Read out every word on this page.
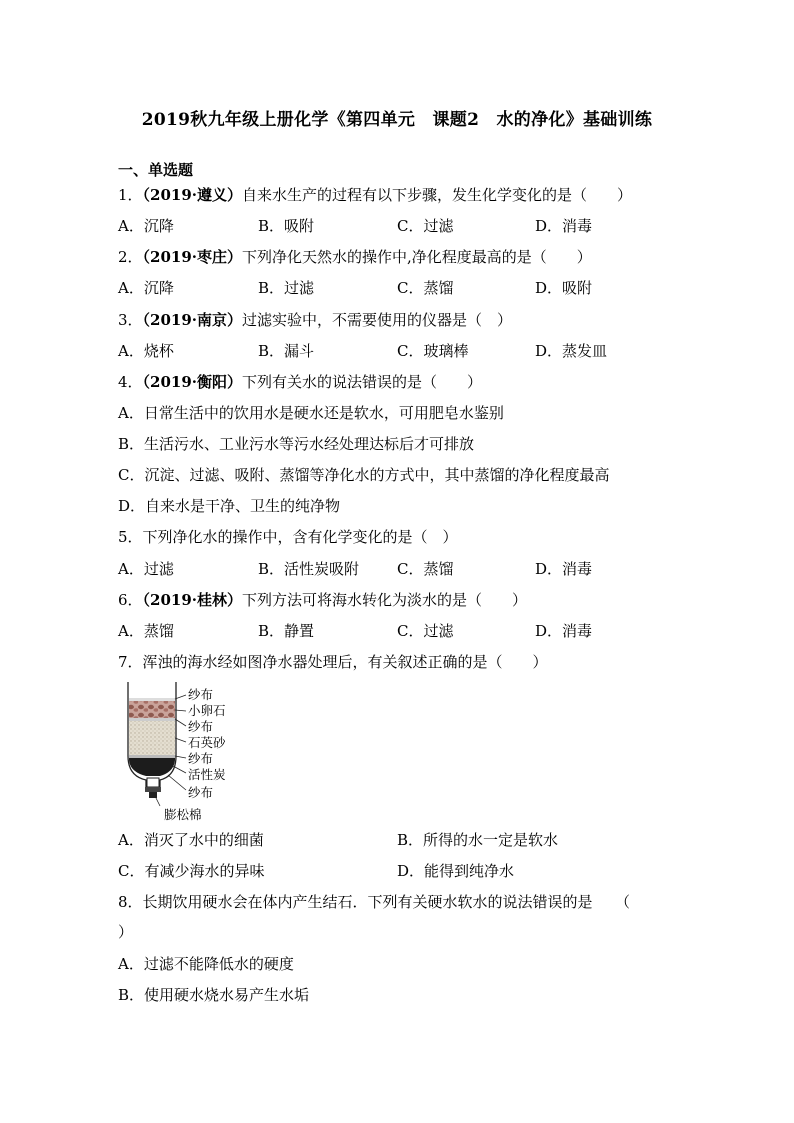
2019秋九年级上册化学《第四单元　课题2　水的净化》基础训练
一、单选题
1．（2019·遵义）自来水生产的过程有以下步骤，发生化学变化的是（　　）
A．沉降	B．吸附	C．过滤	D．消毒
2．（2019·枣庄）下列净化天然水的操作中,净化程度最高的是（　　）
A．沉降	B．过滤	C．蒸馏	D．吸附
3．（2019·南京）过滤实验中，不需要使用的仪器是（　）
A．烧杯	B．漏斗	C．玻璃棒	D．蒸发皿
4．（2019·衡阳）下列有关水的说法错误的是（　　）
A．日常生活中的饮用水是硬水还是软水，可用肥皂水鉴别
B．生活污水、工业污水等污水经处理达标后才可排放
C．沉淀、过滤、吸附、蒸馏等净化水的方式中，其中蒸馏的净化程度最高
D．自来水是干净、卫生的纯净物
5．下列净化水的操作中，含有化学变化的是（　）
A．过滤	B．活性炭吸附	C．蒸馏	D．消毒
6．（2019·桂林）下列方法可将海水转化为淡水的是（　　）
A．蒸馏	B．静置	C．过滤	D．消毒
7．浑浊的海水经如图净水器处理后，有关叙述正确的是（　　）
纱布
小卵石
纱布
石英砂
纱布
活性炭
纱布
膨松棉
A．消灭了水中的细菌	B．所得的水一定是软水
C．有减少海水的异味	D．能得到纯净水
8．长期饮用硬水会在体内产生结石．下列有关硬水软水的说法错误的是　　（
）
A．过滤不能降低水的硬度
B．使用硬水烧水易产生水垢
